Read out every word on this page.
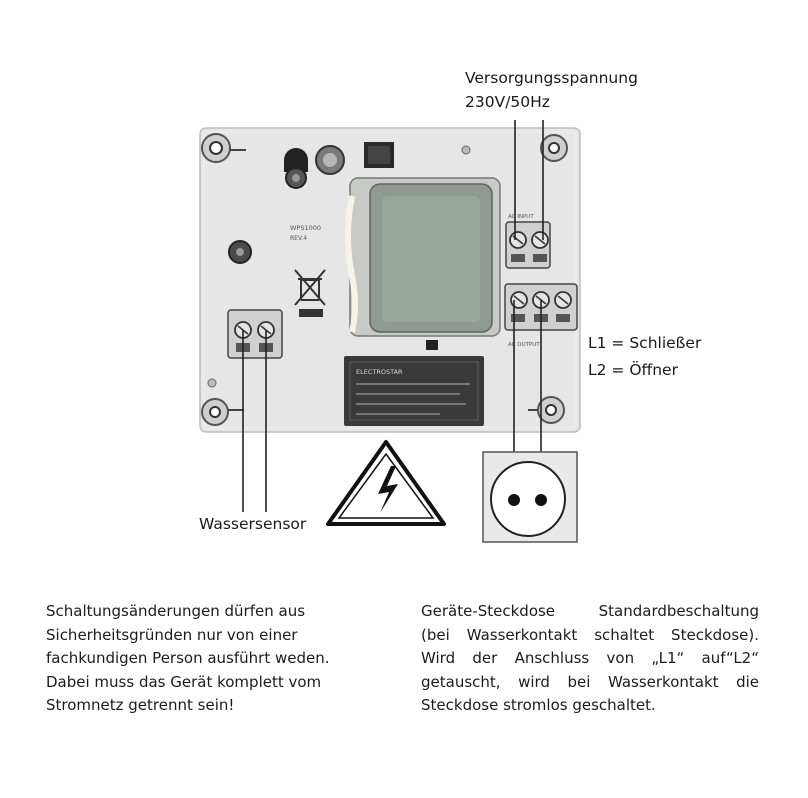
WPS1000
REV.4
AC INPUT
AC OUTPUT
ELECTROSTAR
Versorgungsspannung
230V/50Hz
L1 = Schließer
L2 = Öffner
Wassersensor
Schaltungsänderungen dürfen aus
Sicherheitsgründen nur von einer
fachkundigen Person ausführt weden.
Dabei muss das Gerät komplett vom
Stromnetz getrennt sein!
Geräte-Steckdose Standardbeschaltung
(bei Wasserkontakt schaltet Steckdose).
Wird der Anschluss von „L1“ auf“L2“
getauscht, wird bei Wasserkontakt die
Steckdose stromlos geschaltet.
